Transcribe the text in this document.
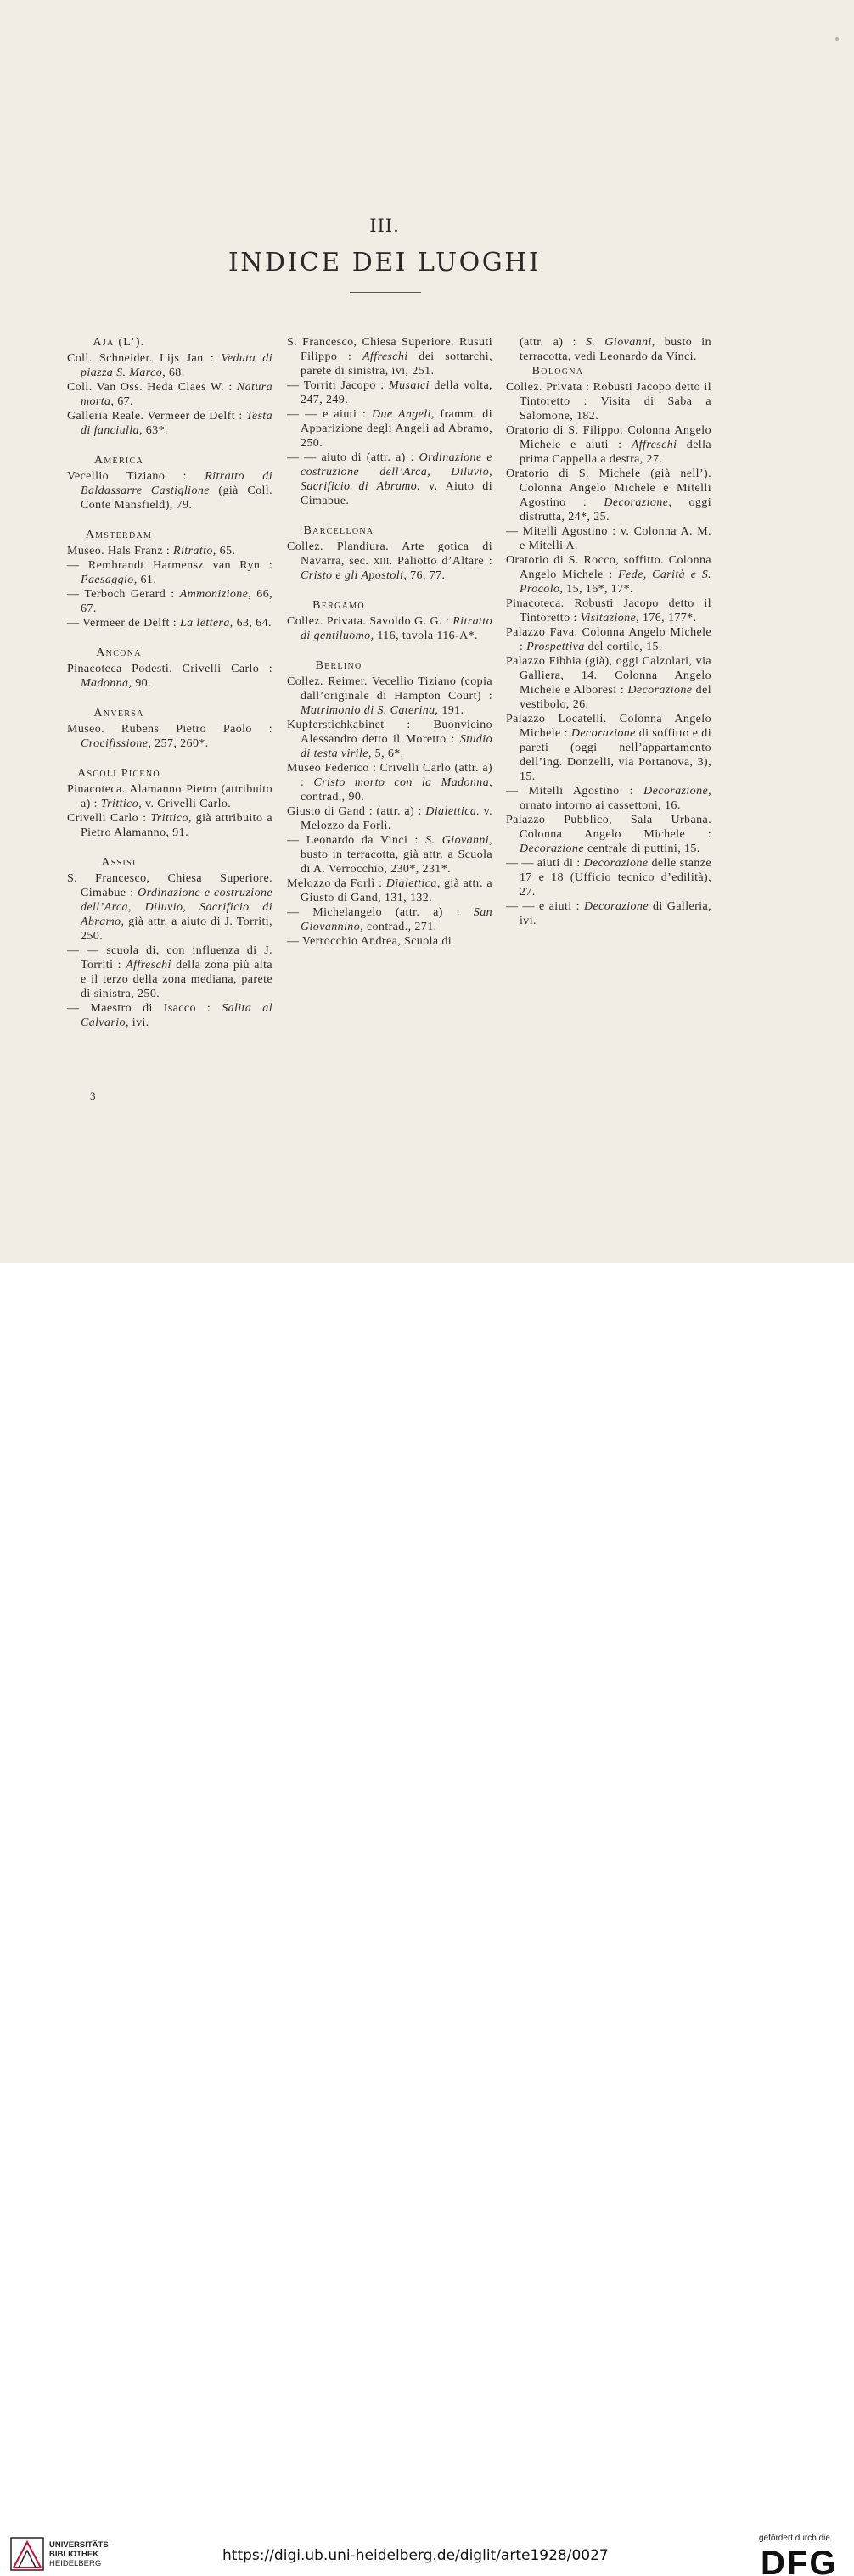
III.
INDICE DEI LUOGHI
Aja (L’).
Coll. Schneider. Lijs Jan : Veduta di piazza S. Marco, 68.
Coll. Van Oss. Heda Claes W. : Natura morta, 67.
Galleria Reale. Vermeer de Delft : Testa di fanciulla, 63*.
America
Vecellio Tiziano : Ritratto di Baldassarre Castiglione (già Coll. Conte Mansfield), 79.
Amsterdam
Museo. Hals Franz : Ritratto, 65.
— Rembrandt Harmensz van Ryn : Paesaggio, 61.
— Terboch Gerard : Ammonizione, 66, 67.
— Vermeer de Delft : La lettera, 63, 64.
Ancona
Pinacoteca Podesti. Crivelli Carlo : Madonna, 90.
Anversa
Museo. Rubens Pietro Paolo : Crocifissione, 257, 260*.
Ascoli Piceno
Pinacoteca. Alamanno Pietro (attribuito a) : Trittico, v. Crivelli Carlo.
Crivelli Carlo : Trittico, già attribuito a Pietro Alamanno, 91.
Assisi
S. Francesco, Chiesa Superiore. Cimabue : Ordinazione e costruzione dell’Arca, Diluvio, Sacrificio di Abramo, già attr. a aiuto di J. Torriti, 250.
— — scuola di, con influenza di J. Torriti : Affreschi della zona più alta e il terzo della zona mediana, parete di sinistra, 250.
— Maestro di Isacco : Salita al Calvario, ivi.
S. Francesco, Chiesa Superiore. Rusuti Filippo : Affreschi dei sottarchi, parete di sinistra, ivi, 251.
— Torriti Jacopo : Musaici della volta, 247, 249.
— — e aiuti : Due Angeli, framm. di Apparizione degli Angeli ad Abramo, 250.
— — aiuto di (attr. a) : Ordinazione e costruzione dell’Arca, Diluvio, Sacrificio di Abramo. v. Aiuto di Cimabue.
Barcellona
Collez. Plandiura. Arte gotica di Navarra, sec. xiii. Paliotto d’Altare : Cristo e gli Apostoli, 76, 77.
Bergamo
Collez. Privata. Savoldo G. G. : Ritratto di gentiluomo, 116, tavola 116-A*.
Berlino
Collez. Reimer. Vecellio Tiziano (copia dall’originale di Hampton Court) : Matrimonio di S. Caterina, 191.
Kupferstichkabinet : Buonvicino Alessandro detto il Moretto : Studio di testa virile, 5, 6*.
Museo Federico : Crivelli Carlo (attr. a) : Cristo morto con la Madonna, contrad., 90.
Giusto di Gand : (attr. a) : Dialettica. v. Melozzo da Forlì.
— Leonardo da Vinci : S. Giovanni, busto in terracotta, già attr. a Scuola di A. Verrocchio, 230*, 231*.
Melozzo da Forlì : Dialettica, già attr. a Giusto di Gand, 131, 132.
— Michelangelo (attr. a) : San Giovannino, contrad., 271.
— Verrocchio Andrea, Scuola di
(attr. a) : S. Giovanni, busto in terracotta, vedi Leonardo da Vinci.
Bologna
Collez. Privata : Robusti Jacopo detto il Tintoretto : Visita di Saba a Salomone, 182.
Oratorio di S. Filippo. Colonna Angelo Michele e aiuti : Affreschi della prima Cappella a destra, 27.
Oratorio di S. Michele (già nell’). Colonna Angelo Michele e Mitelli Agostino : Decorazione, oggi distrutta, 24*, 25.
— Mitelli Agostino : v. Colonna A. M. e Mitelli A.
Oratorio di S. Rocco, soffitto. Colonna Angelo Michele : Fede, Carità e S. Procolo, 15, 16*, 17*.
Pinacoteca. Robusti Jacopo detto il Tintoretto : Visitazione, 176, 177*.
Palazzo Fava. Colonna Angelo Michele : Prospettiva del cortile, 15.
Palazzo Fibbia (già), oggi Calzolari, via Galliera, 14. Colonna Angelo Michele e Alboresi : Decorazione del vestibolo, 26.
Palazzo Locatelli. Colonna Angelo Michele : Decorazione di soffitto e di pareti (oggi nell’appartamento dell’ing. Donzelli, via Portanova, 3), 15.
— Mitelli Agostino : Decorazione, ornato intorno ai cassettoni, 16.
Palazzo Pubblico, Sala Urbana. Colonna Angelo Michele : Decorazione centrale di puttini, 15.
— — aiuti di : Decorazione delle stanze 17 e 18 (Ufficio tecnico d’edilità), 27.
— — e aiuti : Decorazione di Galleria, ivi.
3
UNIVERSITÄTS-
BIBLIOTHEK
HEIDELBERG	https://digi.ub.uni-heidelberg.de/diglit/arte1928/0027
gefördert durch die
DFG
